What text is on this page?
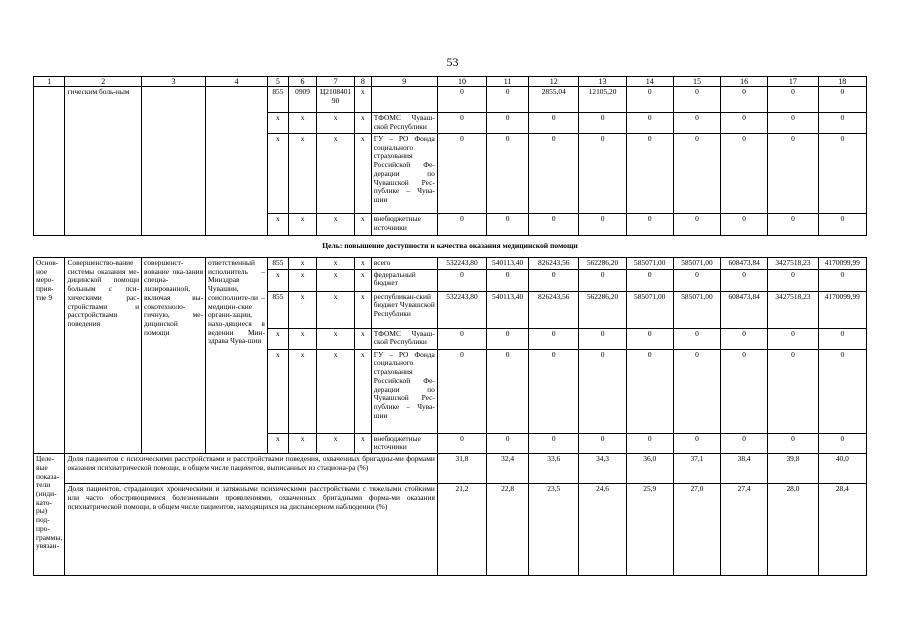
53
1	2	3	4	5	6	7	8	9	10	11	12	13	14	15	16	17	18
	гическим боль-ным			855	0909	Ц2108401 90	х		0	0	2855,04	12105,20	0	0	0	0	0
				х	х	х	х	ТФОМС Чуваш-ской Республики	0	0	0	0	0	0	0	0	0
				х	х	х	х	ГУ – РО Фонда социального страхования Российской Фе-дерации по Чувашской Рес-публике – Чува-шии	0	0	0	0	0	0	0	0	0
				х	х	х	х	внебюджетные источники	0	0	0	0	0	0	0	0	0
Цель: повышение доступности и качества оказания медицинской помощи																	
Основ-ное меро-прия-тие 9	Совершенство-вание системы оказания ме-дицинской помощи больным с пси-хическими рас-стройствами и расстройствами поведения	совершенст-вование ока-зания специа-лизированной, включая вы-сокотехноло-гичную, ме-дицинской помощи	ответственный исполнитель – Минздрав Чувашии, соисполните-ли – медицин-ские органи-зации, нахо-дящиеся в ведении Мин-здрава Чува-шии	855	х	х	х	всего	532243,80	540113,40	826243,56	562286,20	585071,00	585071,00	608473,84	3427518,23	4170099,99
				х	х	х	х	федеральный бюджет	0	0	0	0	0	0	0	0	0
				855	х	х	х	республикан-ский бюджет Чувашской Республики	532243,80	540113,40	826243,56	562286,20	585071,00	585071,00	608473,84	3427518,23	4170099,99
				х	х	х	х	ТФОМС Чуваш-ской Республики	0	0	0	0	0	0	0	0	0
				х	х	х	х	ГУ – РО Фонда социального страхования Российской Фе-дерации по Чувашской Рес-публике – Чува-шии	0	0	0	0	0	0	0	0	0
				х	х	х	х	внебюджетные источники	0	0	0	0	0	0	0	0	0
Целе-вые показа-тели (инди-като-ры) под-про-граммы, увязан-	Доля пациентов с психическими расстройствами и расстройствами поведения, охваченных бригадны-ми формами оказания психиатрической помощи, в общем числе пациентов, выписанных из стациона-ра (%)								31,8	32,4	33,6	34,3	36,0	37,1	38,4	39,8	40,0
	Доля пациентов, страдающих хроническими и затяжными психическими расстройствами с тяжелыми стойкими или часто обостряющимися болезненными проявлениями, охваченных бригадными форма-ми оказания психиатрической помощи, в общем числе пациентов, находящихся на диспансерном наблюдении (%)								21,2	22,8	23,5	24,6	25,9	27,0	27,4	28,0	28,4
